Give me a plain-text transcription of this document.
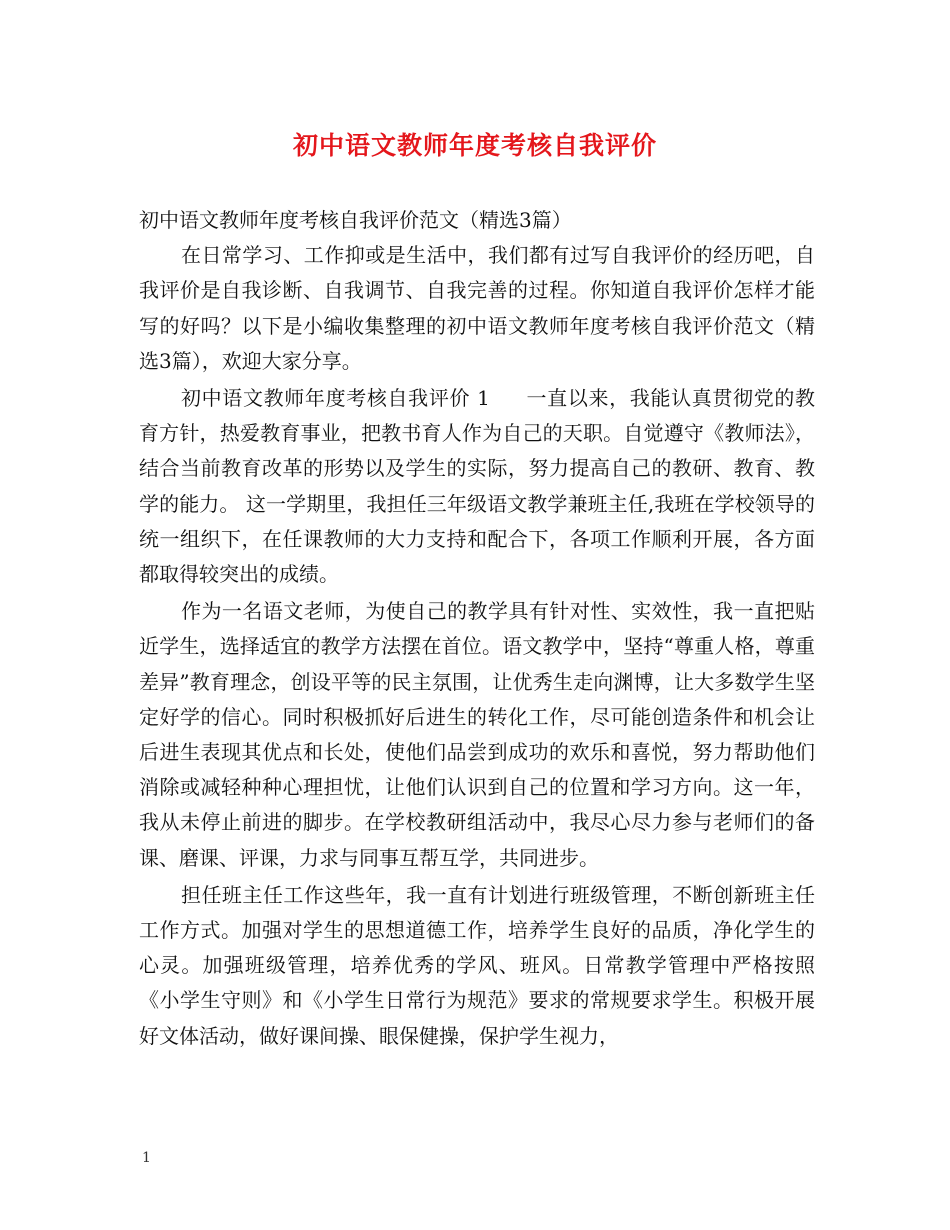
初中语文教师年度考核自我评价

初中语文教师年度考核自我评价范文（精选3篇）

在日常学习、工作抑或是生活中，我们都有过写自我评价的经历吧，自我评价是自我诊断、自我调节、自我完善的过程。你知道自我评价怎样才能写的好吗？以下是小编收集整理的初中语文教师年度考核自我评价范文（精选3篇），欢迎大家分享。

初中语文教师年度考核自我评价 1 一直以来，我能认真贯彻党的教育方针，热爱教育事业，把教书育人作为自己的天职。自觉遵守《教师法》，结合当前教育改革的形势以及学生的实际，努力提高自己的教研、教育、教学的能力。 这一学期里，我担任三年级语文教学兼班主任,我班在学校领导的统一组织下，在任课教师的大力支持和配合下，各项工作顺利开展，各方面都取得较突出的成绩。

作为一名语文老师，为使自己的教学具有针对性、实效性，我一直把贴近学生，选择适宜的教学方法摆在首位。语文教学中，坚持“尊重人格，尊重差异”教育理念，创设平等的民主氛围，让优秀生走向渊博，让大多数学生坚定好学的信心。同时积极抓好后进生的转化工作，尽可能创造条件和机会让后进生表现其优点和长处，使他们品尝到成功的欢乐和喜悦，努力帮助他们消除或减轻种种心理担忧，让他们认识到自己的位置和学习方向。这一年，我从未停止前进的脚步。在学校教研组活动中，我尽心尽力参与老师们的备课、磨课、评课，力求与同事互帮互学，共同进步。

担任班主任工作这些年，我一直有计划进行班级管理，不断创新班主任工作方式。加强对学生的思想道德工作，培养学生良好的品质，净化学生的心灵。加强班级管理，培养优秀的学风、班风。日常教学管理中严格按照《小学生守则》和《小学生日常行为规范》要求的常规要求学生。积极开展好文体活动，做好课间操、眼保健操，保护学生视力，

1
